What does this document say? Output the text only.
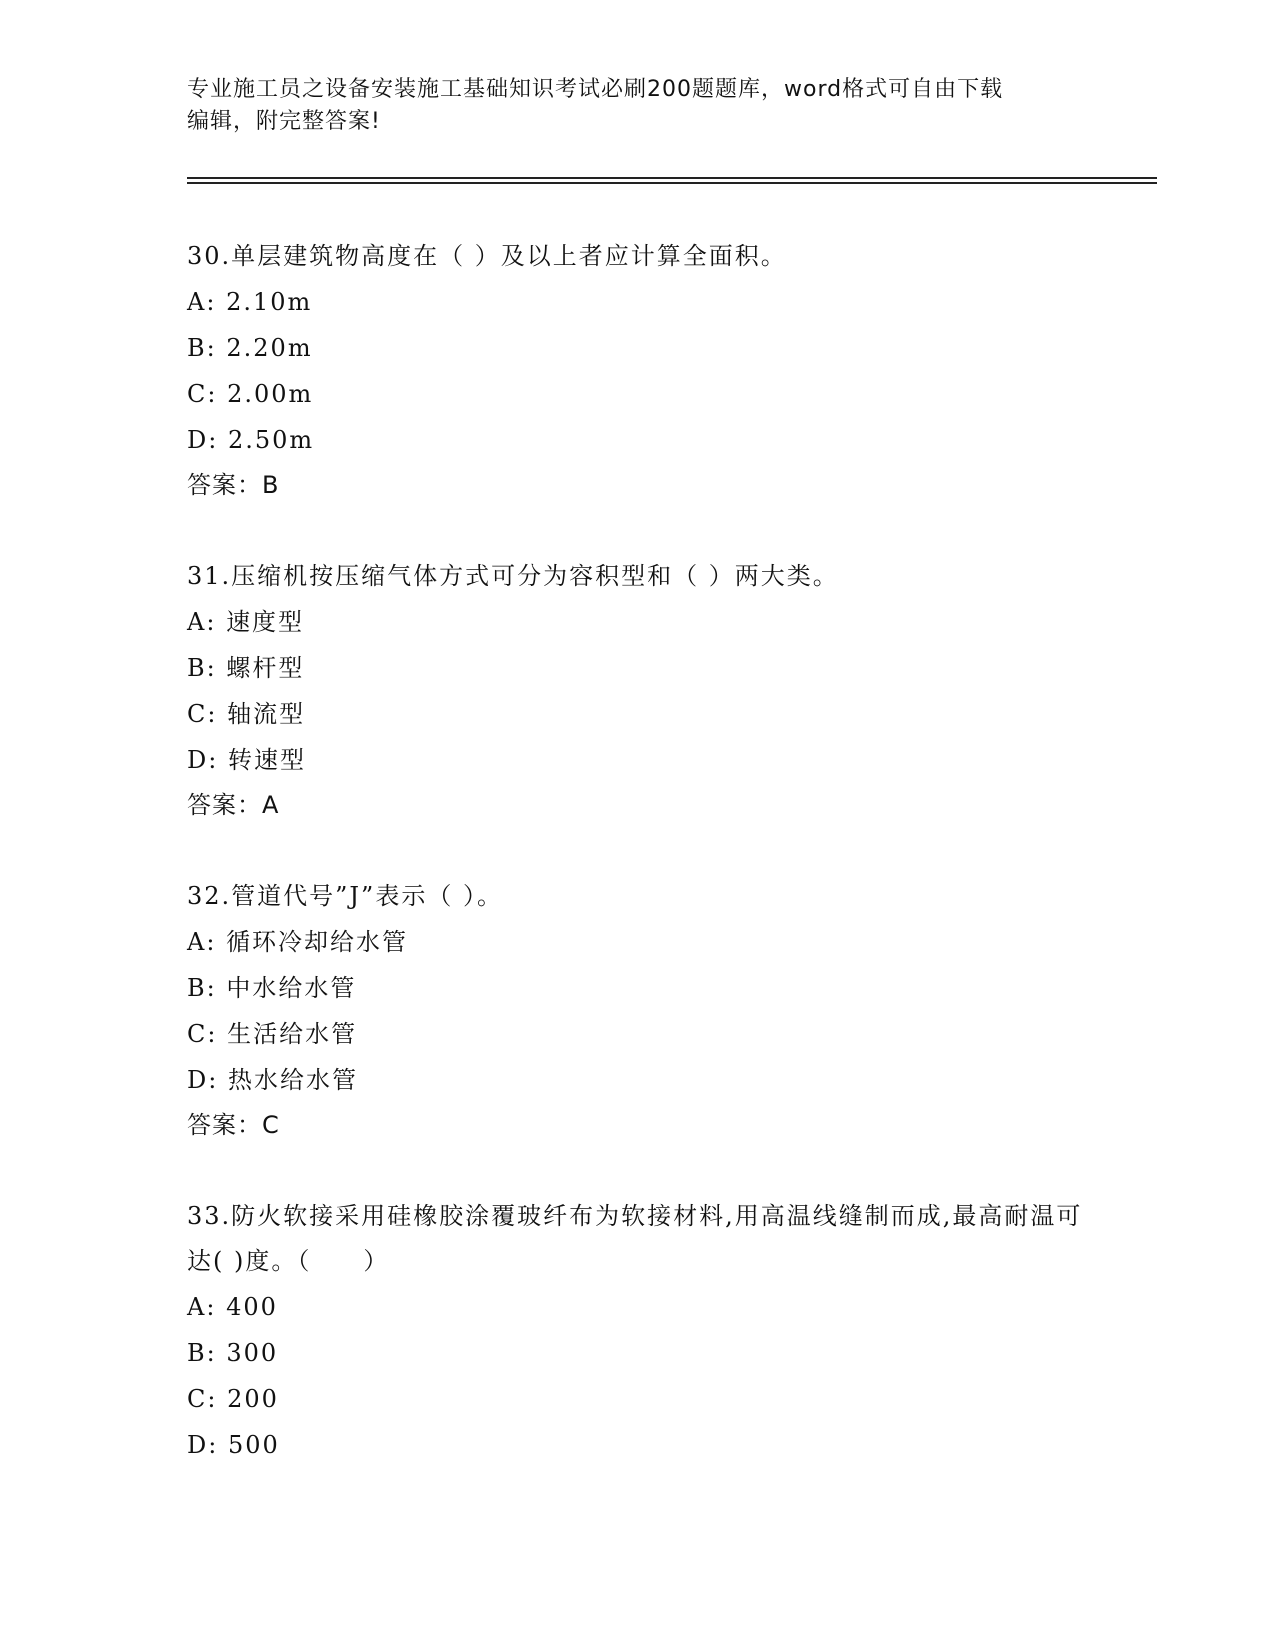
专业施工员之设备安装施工基础知识考试必刷200题题库，word格式可自由下载
编辑，附完整答案!

30.单层建筑物高度在（ ）及以上者应计算全面积。

A: 2.10m

B: 2.20m

C: 2.00m

D: 2.50m

答案：B

31.压缩机按压缩气体方式可分为容积型和（ ）两大类。

A: 速度型

B: 螺杆型

C: 轴流型

D: 转速型

答案：A

32.管道代号”J”表示（ ）。

A: 循环冷却给水管

B: 中水给水管

C: 生活给水管

D: 热水给水管

答案：C

33.防火软接采用硅橡胶涂覆玻纤布为软接材料,用高温线缝制而成,最高耐温可达( )度。（　　）

A: 400

B: 300

C: 200

D: 500
